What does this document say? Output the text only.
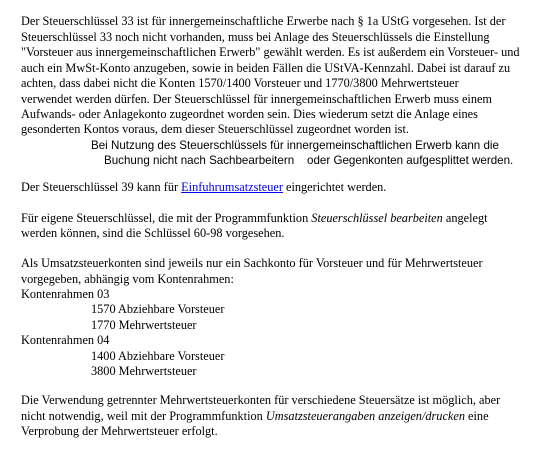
Der Steuerschlüssel 33 ist für innergemeinschaftliche Erwerbe nach § 1a UStG vorgesehen. Ist der
Steuerschlüssel 33 noch nicht vorhanden, muss bei Anlage des Steuerschlüssels die Einstellung
"Vorsteuer aus innergemeinschaftlichen Erwerb" gewählt werden. Es ist außerdem ein Vorsteuer- und
auch ein MwSt-Konto anzugeben, sowie in beiden Fällen die UStVA-Kennzahl. Dabei ist darauf zu
achten, dass dabei nicht die Konten 1570/1400 Vorsteuer und 1770/3800 Mehrwertsteuer
verwendet werden dürfen. Der Steuerschlüssel für innergemeinschaftlichen Erwerb muss einem
Aufwands- oder Anlagekonto zugeordnet worden sein. Dies wiederum setzt die Anlage eines
gesonderten Kontos voraus, dem dieser Steuerschlüssel zugeordnet worden ist.
Bei Nutzung des Steuerschlüssels für innergemeinschaftlichen Erwerb kann die
Buchung nicht nach Sachbearbeitern    oder Gegenkonten aufgesplittet werden.
Der Steuerschlüssel 39 kann für Einfuhrumsatzsteuer eingerichtet werden.
Für eigene Steuerschlüssel, die mit der Programmfunktion Steuerschlüssel bearbeiten angelegt
werden können, sind die Schlüssel 60-98 vorgesehen.
Als Umsatzsteuerkonten sind jeweils nur ein Sachkonto für Vorsteuer und für Mehrwertsteuer
vorgegeben, abhängig vom Kontenrahmen:
Kontenrahmen 03
1570 Abziehbare Vorsteuer
1770 Mehrwertsteuer
Kontenrahmen 04
1400 Abziehbare Vorsteuer
3800 Mehrwertsteuer
Die Verwendung getrennter Mehrwertsteuerkonten für verschiedene Steuersätze ist möglich, aber
nicht notwendig, weil mit der Programmfunktion Umsatzsteuerangaben anzeigen/drucken eine
Verprobung der Mehrwertsteuer erfolgt.
